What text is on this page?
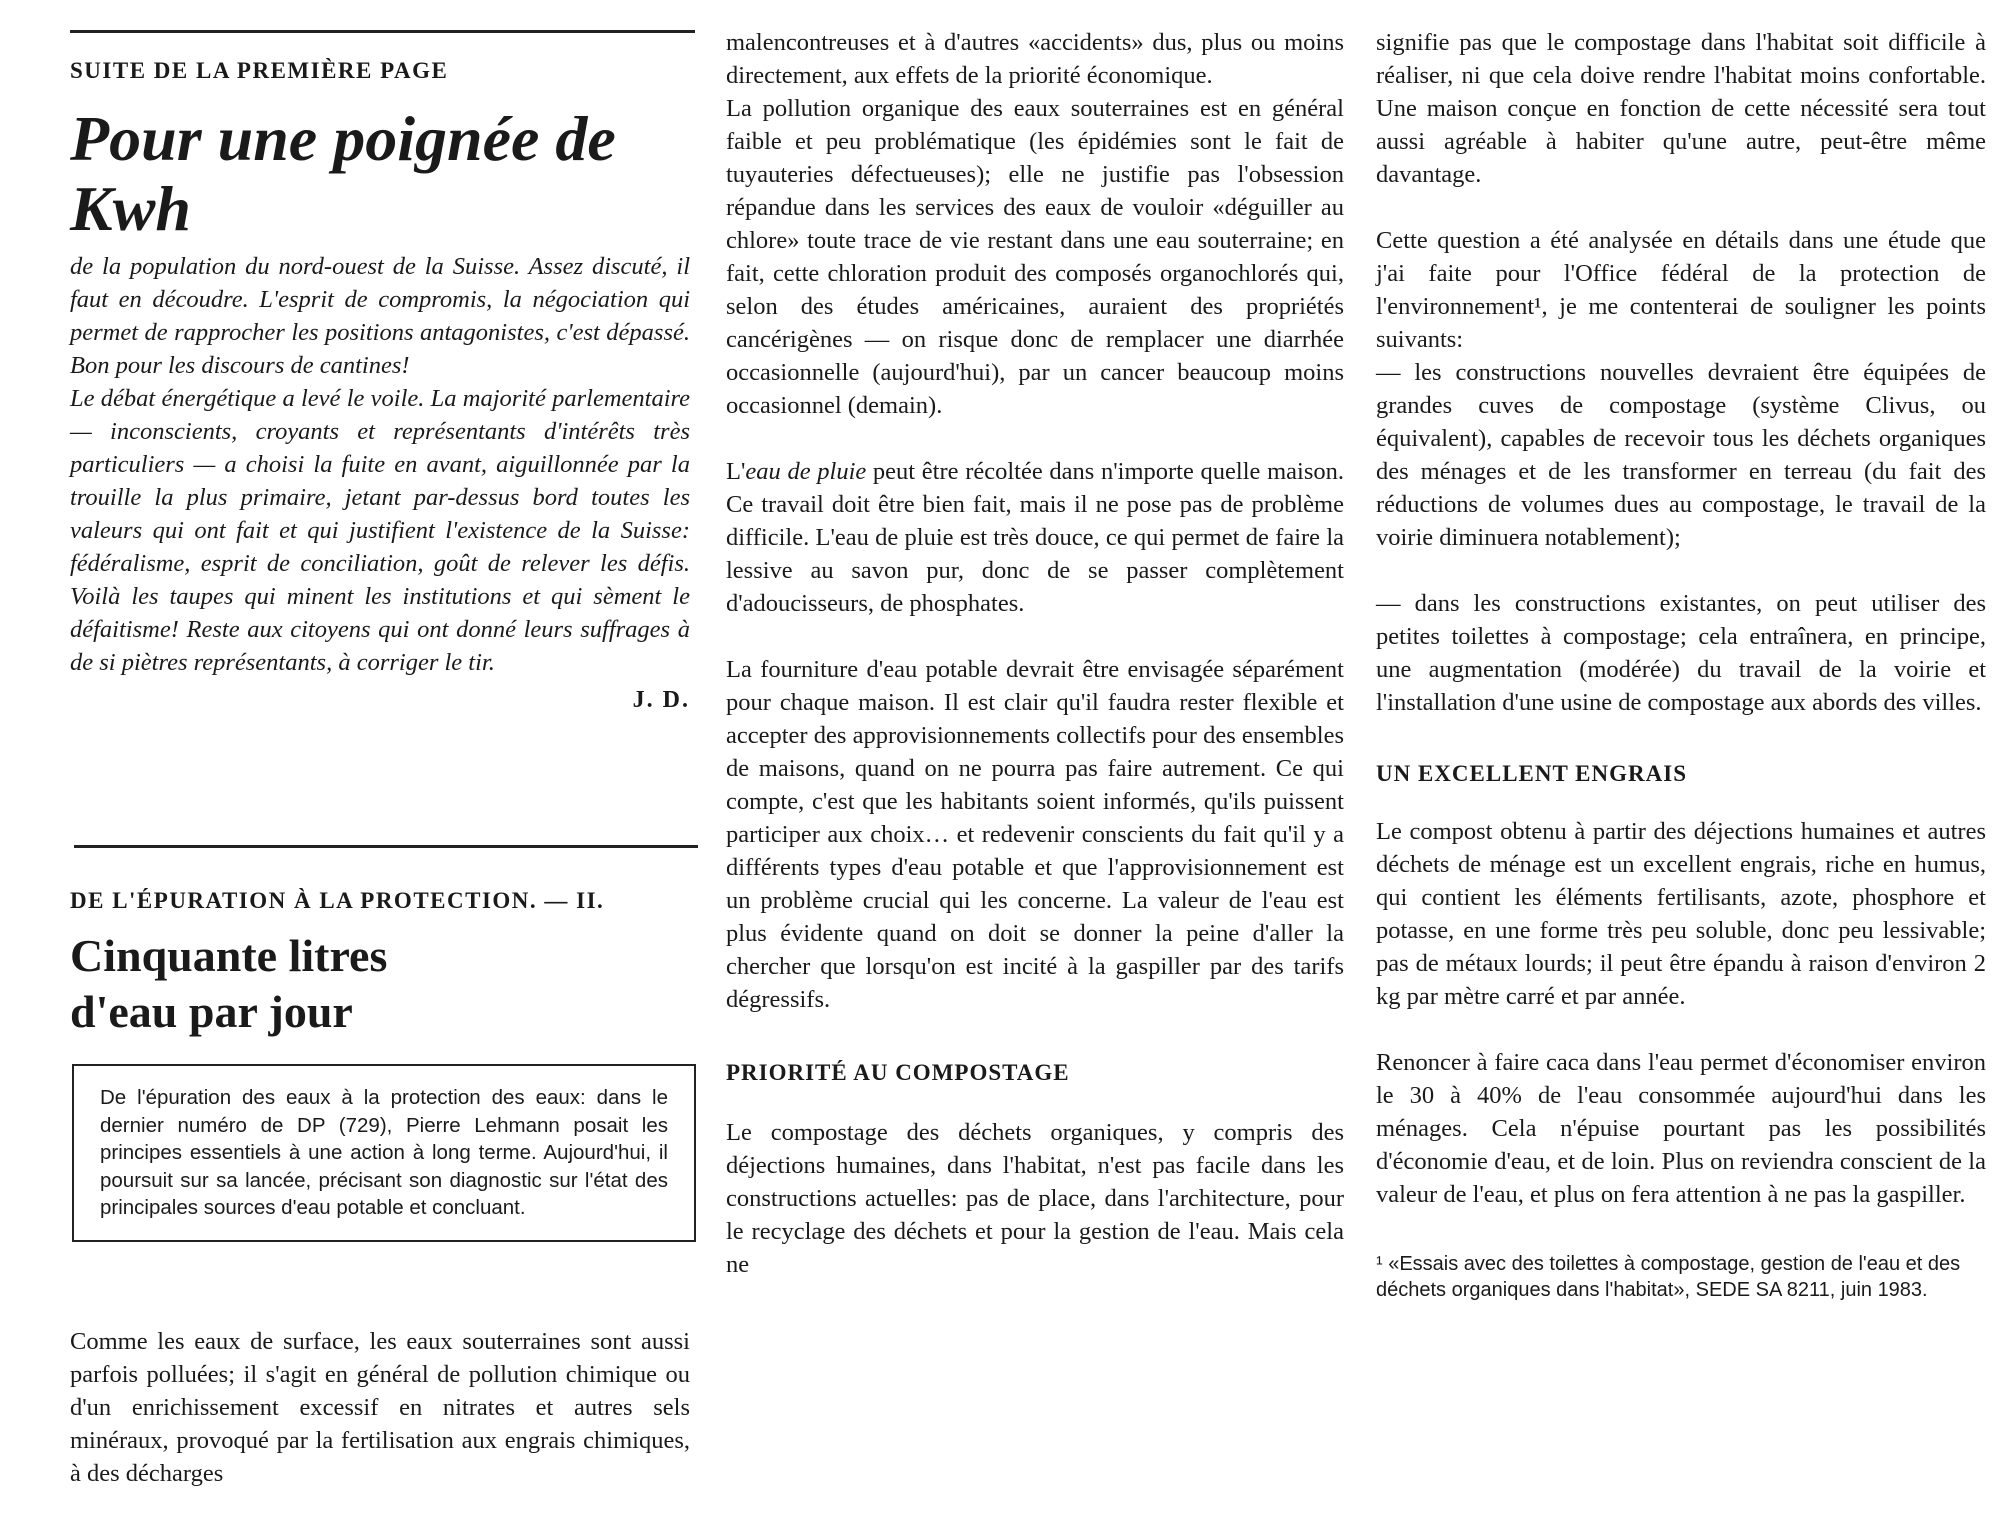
SUITE DE LA PREMIÈRE PAGE

Pour une poignée de Kwh

de la population du nord-ouest de la Suisse. Assez discuté, il faut en découdre. L'esprit de compromis, la négociation qui permet de rapprocher les positions antagonistes, c'est dépassé. Bon pour les discours de cantines!

Le débat énergétique a levé le voile. La majorité parlementaire — inconscients, croyants et représentants d'intérêts très particuliers — a choisi la fuite en avant, aiguillonnée par la trouille la plus primaire, jetant par-dessus bord toutes les valeurs qui ont fait et qui justifient l'existence de la Suisse: fédéralisme, esprit de conciliation, goût de relever les défis. Voilà les taupes qui minent les institutions et qui sèment le défaitisme! Reste aux citoyens qui ont donné leurs suffrages à de si piètres représentants, à corriger le tir.

J. D.

DE L'ÉPURATION À LA PROTECTION. — II.

Cinquante litres
d'eau par jour

De l'épuration des eaux à la protection des eaux: dans le dernier numéro de DP (729), Pierre Lehmann posait les principes essentiels à une action à long terme. Aujourd'hui, il poursuit sur sa lancée, précisant son diagnostic sur l'état des principales sources d'eau potable et concluant.

Comme les eaux de surface, les eaux souterraines sont aussi parfois polluées; il s'agit en général de pollution chimique ou d'un enrichissement excessif en nitrates et autres sels minéraux, provoqué par la fertilisation aux engrais chimiques, à des décharges

malencontreuses et à d'autres «accidents» dus, plus ou moins directement, aux effets de la priorité économique.

La pollution organique des eaux souterraines est en général faible et peu problématique (les épidémies sont le fait de tuyauteries défectueuses); elle ne justifie pas l'obsession répandue dans les services des eaux de vouloir «déguiller au chlore» toute trace de vie restant dans une eau souterraine; en fait, cette chloration produit des composés organochlorés qui, selon des études américaines, auraient des propriétés cancérigènes — on risque donc de remplacer une diarrhée occasionnelle (aujourd'hui), par un cancer beaucoup moins occasionnel (demain).

L'eau de pluie peut être récoltée dans n'importe quelle maison. Ce travail doit être bien fait, mais il ne pose pas de problème difficile. L'eau de pluie est très douce, ce qui permet de faire la lessive au savon pur, donc de se passer complètement d'adoucisseurs, de phosphates.

La fourniture d'eau potable devrait être envisagée séparément pour chaque maison. Il est clair qu'il faudra rester flexible et accepter des approvisionnements collectifs pour des ensembles de maisons, quand on ne pourra pas faire autrement. Ce qui compte, c'est que les habitants soient informés, qu'ils puissent participer aux choix… et redevenir conscients du fait qu'il y a différents types d'eau potable et que l'approvisionnement est un problème crucial qui les concerne. La valeur de l'eau est plus évidente quand on doit se donner la peine d'aller la chercher que lorsqu'on est incité à la gaspiller par des tarifs dégressifs.

PRIORITÉ AU COMPOSTAGE

Le compostage des déchets organiques, y compris des déjections humaines, dans l'habitat, n'est pas facile dans les constructions actuelles: pas de place, dans l'architecture, pour le recyclage des déchets et pour la gestion de l'eau. Mais cela ne

signifie pas que le compostage dans l'habitat soit difficile à réaliser, ni que cela doive rendre l'habitat moins confortable. Une maison conçue en fonction de cette nécessité sera tout aussi agréable à habiter qu'une autre, peut-être même davantage.

Cette question a été analysée en détails dans une étude que j'ai faite pour l'Office fédéral de la protection de l'environnement¹, je me contenterai de souligner les points suivants:

— les constructions nouvelles devraient être équipées de grandes cuves de compostage (système Clivus, ou équivalent), capables de recevoir tous les déchets organiques des ménages et de les transformer en terreau (du fait des réductions de volumes dues au compostage, le travail de la voirie diminuera notablement);

— dans les constructions existantes, on peut utiliser des petites toilettes à compostage; cela entraînera, en principe, une augmentation (modérée) du travail de la voirie et l'installation d'une usine de compostage aux abords des villes.

UN EXCELLENT ENGRAIS

Le compost obtenu à partir des déjections humaines et autres déchets de ménage est un excellent engrais, riche en humus, qui contient les éléments fertilisants, azote, phosphore et potasse, en une forme très peu soluble, donc peu lessivable; pas de métaux lourds; il peut être épandu à raison d'environ 2 kg par mètre carré et par année.

Renoncer à faire caca dans l'eau permet d'économiser environ le 30 à 40% de l'eau consommée aujourd'hui dans les ménages. Cela n'épuise pourtant pas les possibilités d'économie d'eau, et de loin. Plus on reviendra conscient de la valeur de l'eau, et plus on fera attention à ne pas la gaspiller.

¹ «Essais avec des toilettes à compostage, gestion de l'eau et des déchets organiques dans l'habitat», SEDE SA 8211, juin 1983.
